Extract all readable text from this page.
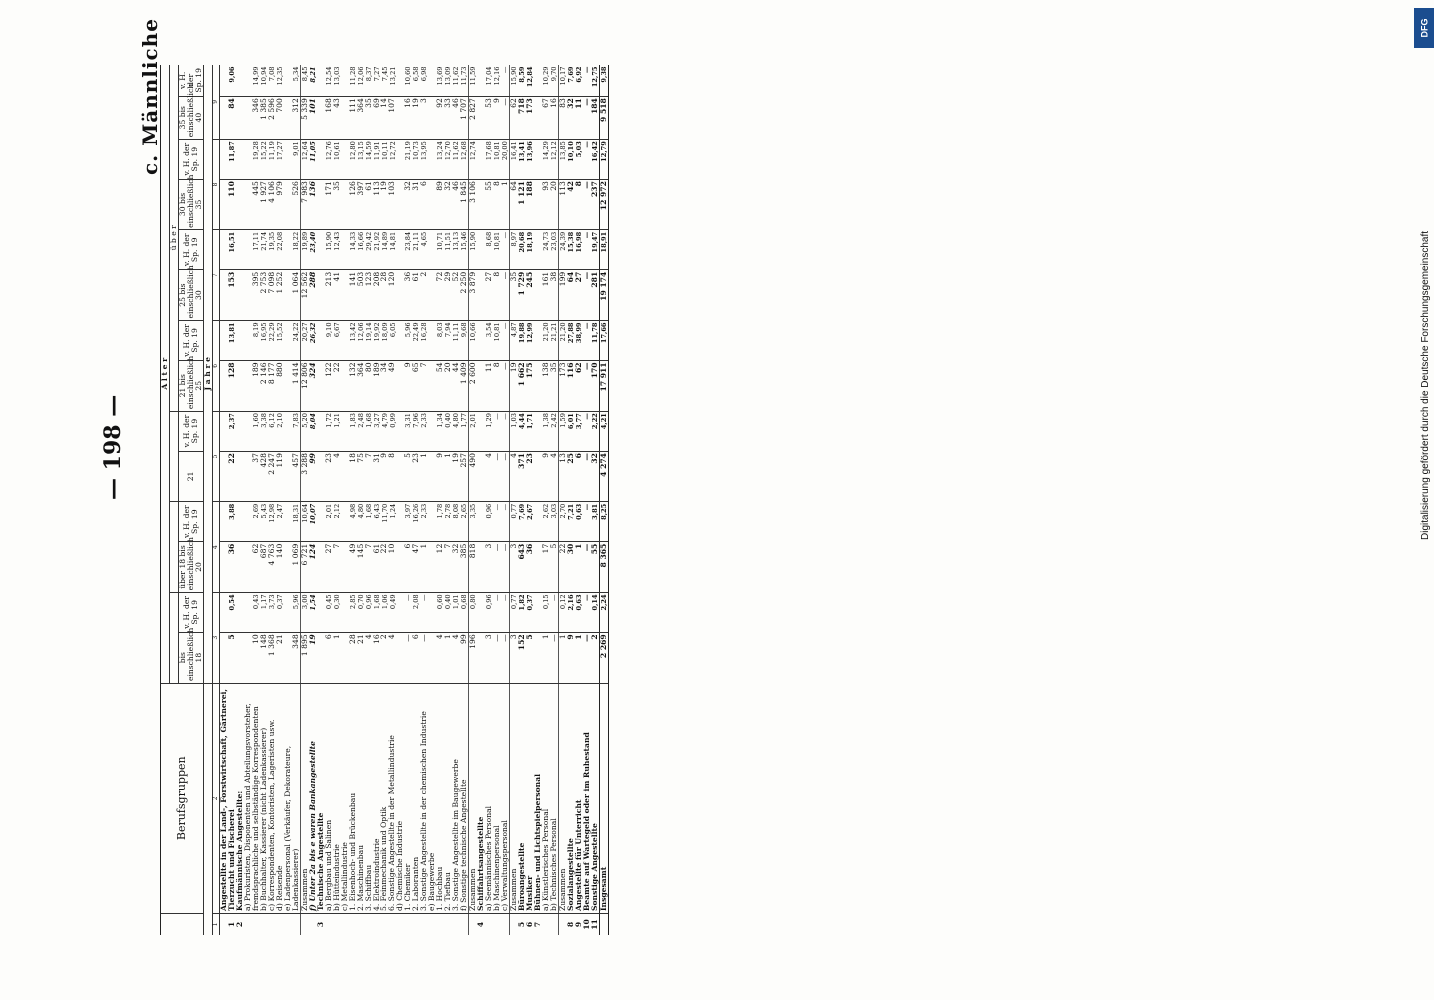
— 198 —
c. Männliche	DFG
Digitalisierung gefördert durch die Deutsche Forschungsgemeinschaft
	Berufsgruppen	A l t e r													
								ü b e r							
		bis einschließlich 18	v. H. der Sp. 19	über 18 bis einschließlich 20	v. H. der Sp. 19	21	v. H. der Sp. 19	21 bis einschließlich 25	v. H. der Sp. 19	25 bis einschließlich 30	v. H. der Sp. 19	30 bis einschließlich 35	v. H. der Sp. 19	35 bis einschließlich 40	v. H. der Sp. 19
		J a h r e													
1	2	3		4		5		6		7		8		9	
1	Angestellte in der Land-, Forstwirtschaft, Gärtnerei, Tierzucht und Fischerei	5	0,54	36	3,88	22	2,37	128	13,81	153	16,51	110	11,87	84	9,06
2	Kaufmännische Angestellte:														
	a) Prokuristen, Disponenten und Abteilungsvorsteher, fremdsprachliche und selbständige Korrespondenten	10	0,43	62	2,69	37	1,60	189	8,19	395	17,11	445	19,28	346	14,99
	b) Buchhalter, Kassierer (nicht Ladenkassierer)	148	1,17	687	5,43	428	3,38	2 146	16,95	2 753	21,74	1 927	15,22	1 385	10,94
	c) Korrespondenten, Kontoristen, Lageristen usw.	1 368	3,73	4 763	12,98	2 247	6,12	8 177	22,29	7 098	19,35	4 106	11,19	2 596	7,08
	d) Reisende	21	0,37	140	2,47	119	2,10	880	15,52	1 252	22,08	979	17,27	700	12,35
	e) Ladenpersonal (Verkäufer, Dekorateure, Ladenkassierer)	348	5,96	1 069	18,31	457	7,83	1 414	24,22	1 064	18,22	526	9,01	312	5,34
	Zusammen	1 895	3,00	6 721	10,64	3 288	5,20	12 806	20,27	12 562	19,89	7 983	12,64	5 339	8,45
	f) Unter 2a bis e waren Bankangestellte	19	1,54	124	10,07	99	8,04	324	26,32	288	23,40	136	11,05	101	8,21
3	Technische Angestellte														
	a) Bergbau und Salinen	6	0,45	27	2,01	23	1,72	122	9,10	213	15,90	171	12,76	168	12,54
	b) Hütteindustrie	1	0,30	7	2,12	4	1,21	22	6,67	41	12,43	35	10,61	43	13,03
	c) Metallindustrie														
	1. Eisenhoch- und Brückenbau	28	2,85	49	4,98	18	1,83	132	13,42	141	14,33	126	12,80	111	11,28
	2. Maschinenbau	21	0,70	145	4,80	75	2,48	364	12,06	503	16,66	397	13,15	364	12,06
	3. Schiffbau	4	0,96	7	1,68	7	1,68	80	19,14	123	29,42	61	14,59	35	8,37
	4. Elektroindustrie	16	1,68	61	6,43	31	3,27	189	19,92	208	21,92	113	11,91	69	7,27
	5. Feinmechanik und Optik	2	1,06	22	11,70	9	4,79	34	18,09	28	14,89	19	10,11	14	7,45
	6. Sonstige Angestellte in der Metallindustrie	4	0,49	10	1,24	8	0,99	49	6,05	120	14,81	103	12,72	107	13,21
	d) Chemische Industrie														
	1. Chemiker	—	—	6	3,97	5	3,31	9	5,96	36	23,84	32	21,19	16	10,60
	2. Laboranten	6	2,08	47	16,26	23	7,96	65	22,49	61	21,11	31	10,73	19	6,58
	3. Sonstige Angestellte in der chemischen Industrie	—	—	1	2,33	1	2,33	7	16,28	2	4,65	6	13,95	3	6,98
	e) Baugewerbe														
	1. Hochbau	4	0,60	12	1,78	9	1,34	54	8,03	72	10,71	89	13,24	92	13,69
	2. Tiefbau	1	0,40	7	2,78	1	0,40	20	7,94	29	11,51	32	12,70	33	13,09
	3. Sonstige Angestellte im Baugewerbe	4	1,01	32	8,08	19	4,80	44	11,11	52	13,13	46	11,62	46	11,62
	f) Sonstige technische Angestellte	99	0,68	385	2,65	257	1,77	1 409	9,68	2 250	15,46	1 845	12,68	1 707	11,73
	Zusammen	196	0,80	818	3,35	490	2,01	2 600	10,66	3 879	15,90	3 106	12,74	2 827	11,59
4	Schiffahrtsangestellte														
	a) Seemännisches Personal	3	0,96	3	0,96	4	1,29	11	3,54	27	8,68	55	17,68	53	17,04
	b) Maschinenpersonal	—	—	—	—	—	—	8	10,81	8	10,81	8	10,81	9	12,16
	c) Verwaltungspersonal	—	—	—	—	—	—	—	—	—	—	1	20,00	—	—
	Zusammen	3	0,77	3	0,77	4	1,03	19	4,87	35	8,97	64	16,41	62	15,90
5	Büroangestellte	152	1,82	643	7,69	371	4,44	1 662	19,88	1 729	20,68	1 121	13,41	718	8,59
6	Musiker	5	0,37	36	2,67	23	1,71	175	12,99	245	18,19	188	13,96	173	12,84
7	Bühnen- und Lichtspielpersonal														
	a) Künstlerisches Personal	1	0,15	17	2,62	9	1,38	138	21,20	161	24,73	93	14,29	67	10,29
	b) Technisches Personal	—	—	5	3,03	4	2,42	35	21,21	38	23,03	20	12,12	16	9,70
	Zusammen	1	0,12	22	2,70	13	1,59	173	21,20	199	24,39	113	13,85	83	10,17
8	Sozialangestellte	9	2,16	30	7,21	25	6,01	116	27,88	64	15,38	42	10,10	32	7,69
9	Angestellte für Unterricht	1	0,63	1	0,63	6	3,77	62	38,99	27	16,98	8	5,03	11	6,92
10	Beamte auf Wartegeld oder im Ruhestand	—	—	—	—	—	—	—	—	—	—	—	—	—	—
11	Sonstige Angestellte	2	0,14	55	3,81	32	2,22	170	11,78	281	19,47	237	16,42	184	12,75
	Insgesamt	2 269	2,24	8 365	8,25	4 274	4,21	17 911	17,66	19 174	18,91	12 972	12,79	9 518	9,38
